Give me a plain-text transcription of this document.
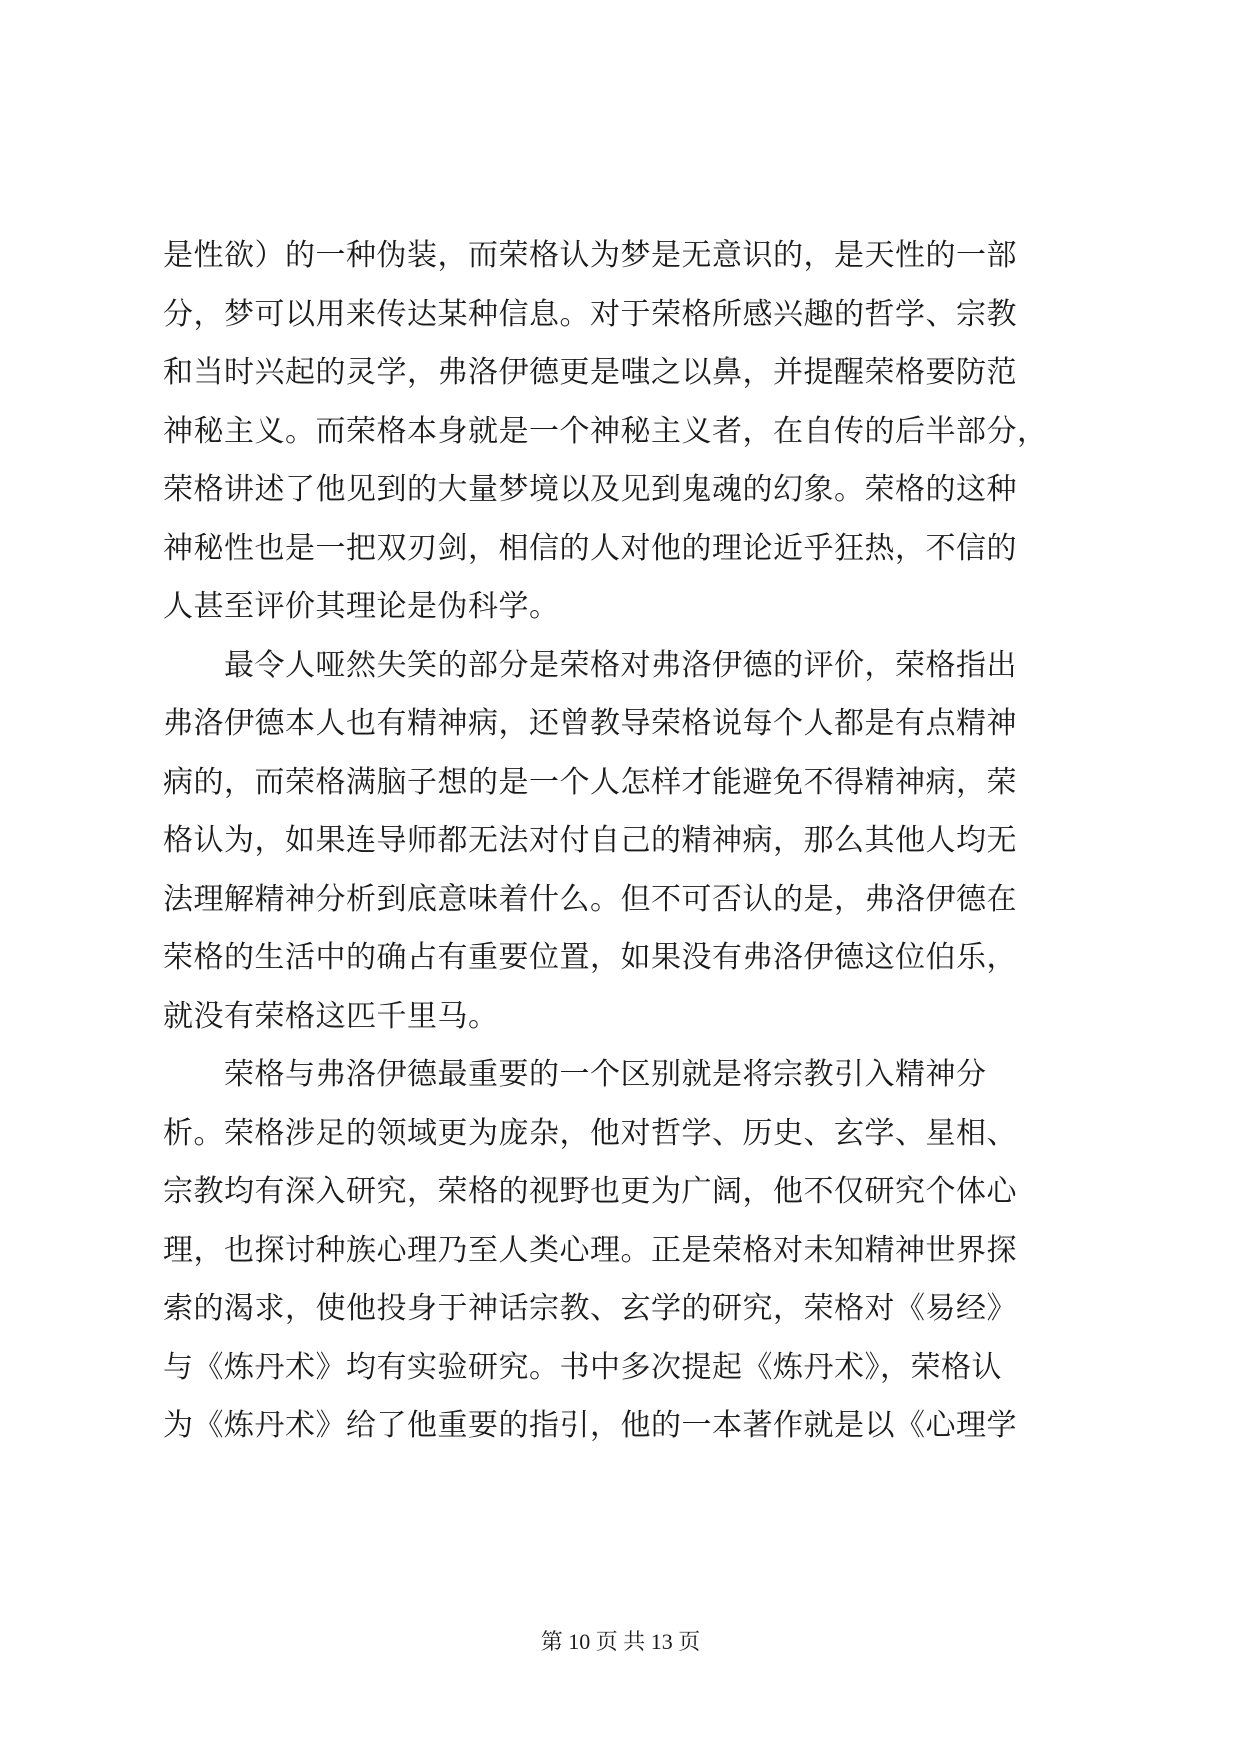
是性欲）的一种伪装，而荣格认为梦是无意识的，是天性的一部
分，梦可以用来传达某种信息。对于荣格所感兴趣的哲学、宗教
和当时兴起的灵学，弗洛伊德更是嗤之以鼻，并提醒荣格要防范
神秘主义。而荣格本身就是一个神秘主义者，在自传的后半部分，
荣格讲述了他见到的大量梦境以及见到鬼魂的幻象。荣格的这种
神秘性也是一把双刃剑，相信的人对他的理论近乎狂热，不信的
人甚至评价其理论是伪科学。
　　最令人哑然失笑的部分是荣格对弗洛伊德的评价，荣格指出
弗洛伊德本人也有精神病，还曾教导荣格说每个人都是有点精神
病的，而荣格满脑子想的是一个人怎样才能避免不得精神病，荣
格认为，如果连导师都无法对付自己的精神病，那么其他人均无
法理解精神分析到底意味着什么。但不可否认的是，弗洛伊德在
荣格的生活中的确占有重要位置，如果没有弗洛伊德这位伯乐，
就没有荣格这匹千里马。
　　荣格与弗洛伊德最重要的一个区别就是将宗教引入精神分
析。荣格涉足的领域更为庞杂，他对哲学、历史、玄学、星相、
宗教均有深入研究，荣格的视野也更为广阔，他不仅研究个体心
理，也探讨种族心理乃至人类心理。正是荣格对未知精神世界探
索的渴求，使他投身于神话宗教、玄学的研究，荣格对《易经》
与《炼丹术》均有实验研究。书中多次提起《炼丹术》，荣格认
为《炼丹术》给了他重要的指引，他的一本著作就是以《心理学
第 10 页 共 13 页
